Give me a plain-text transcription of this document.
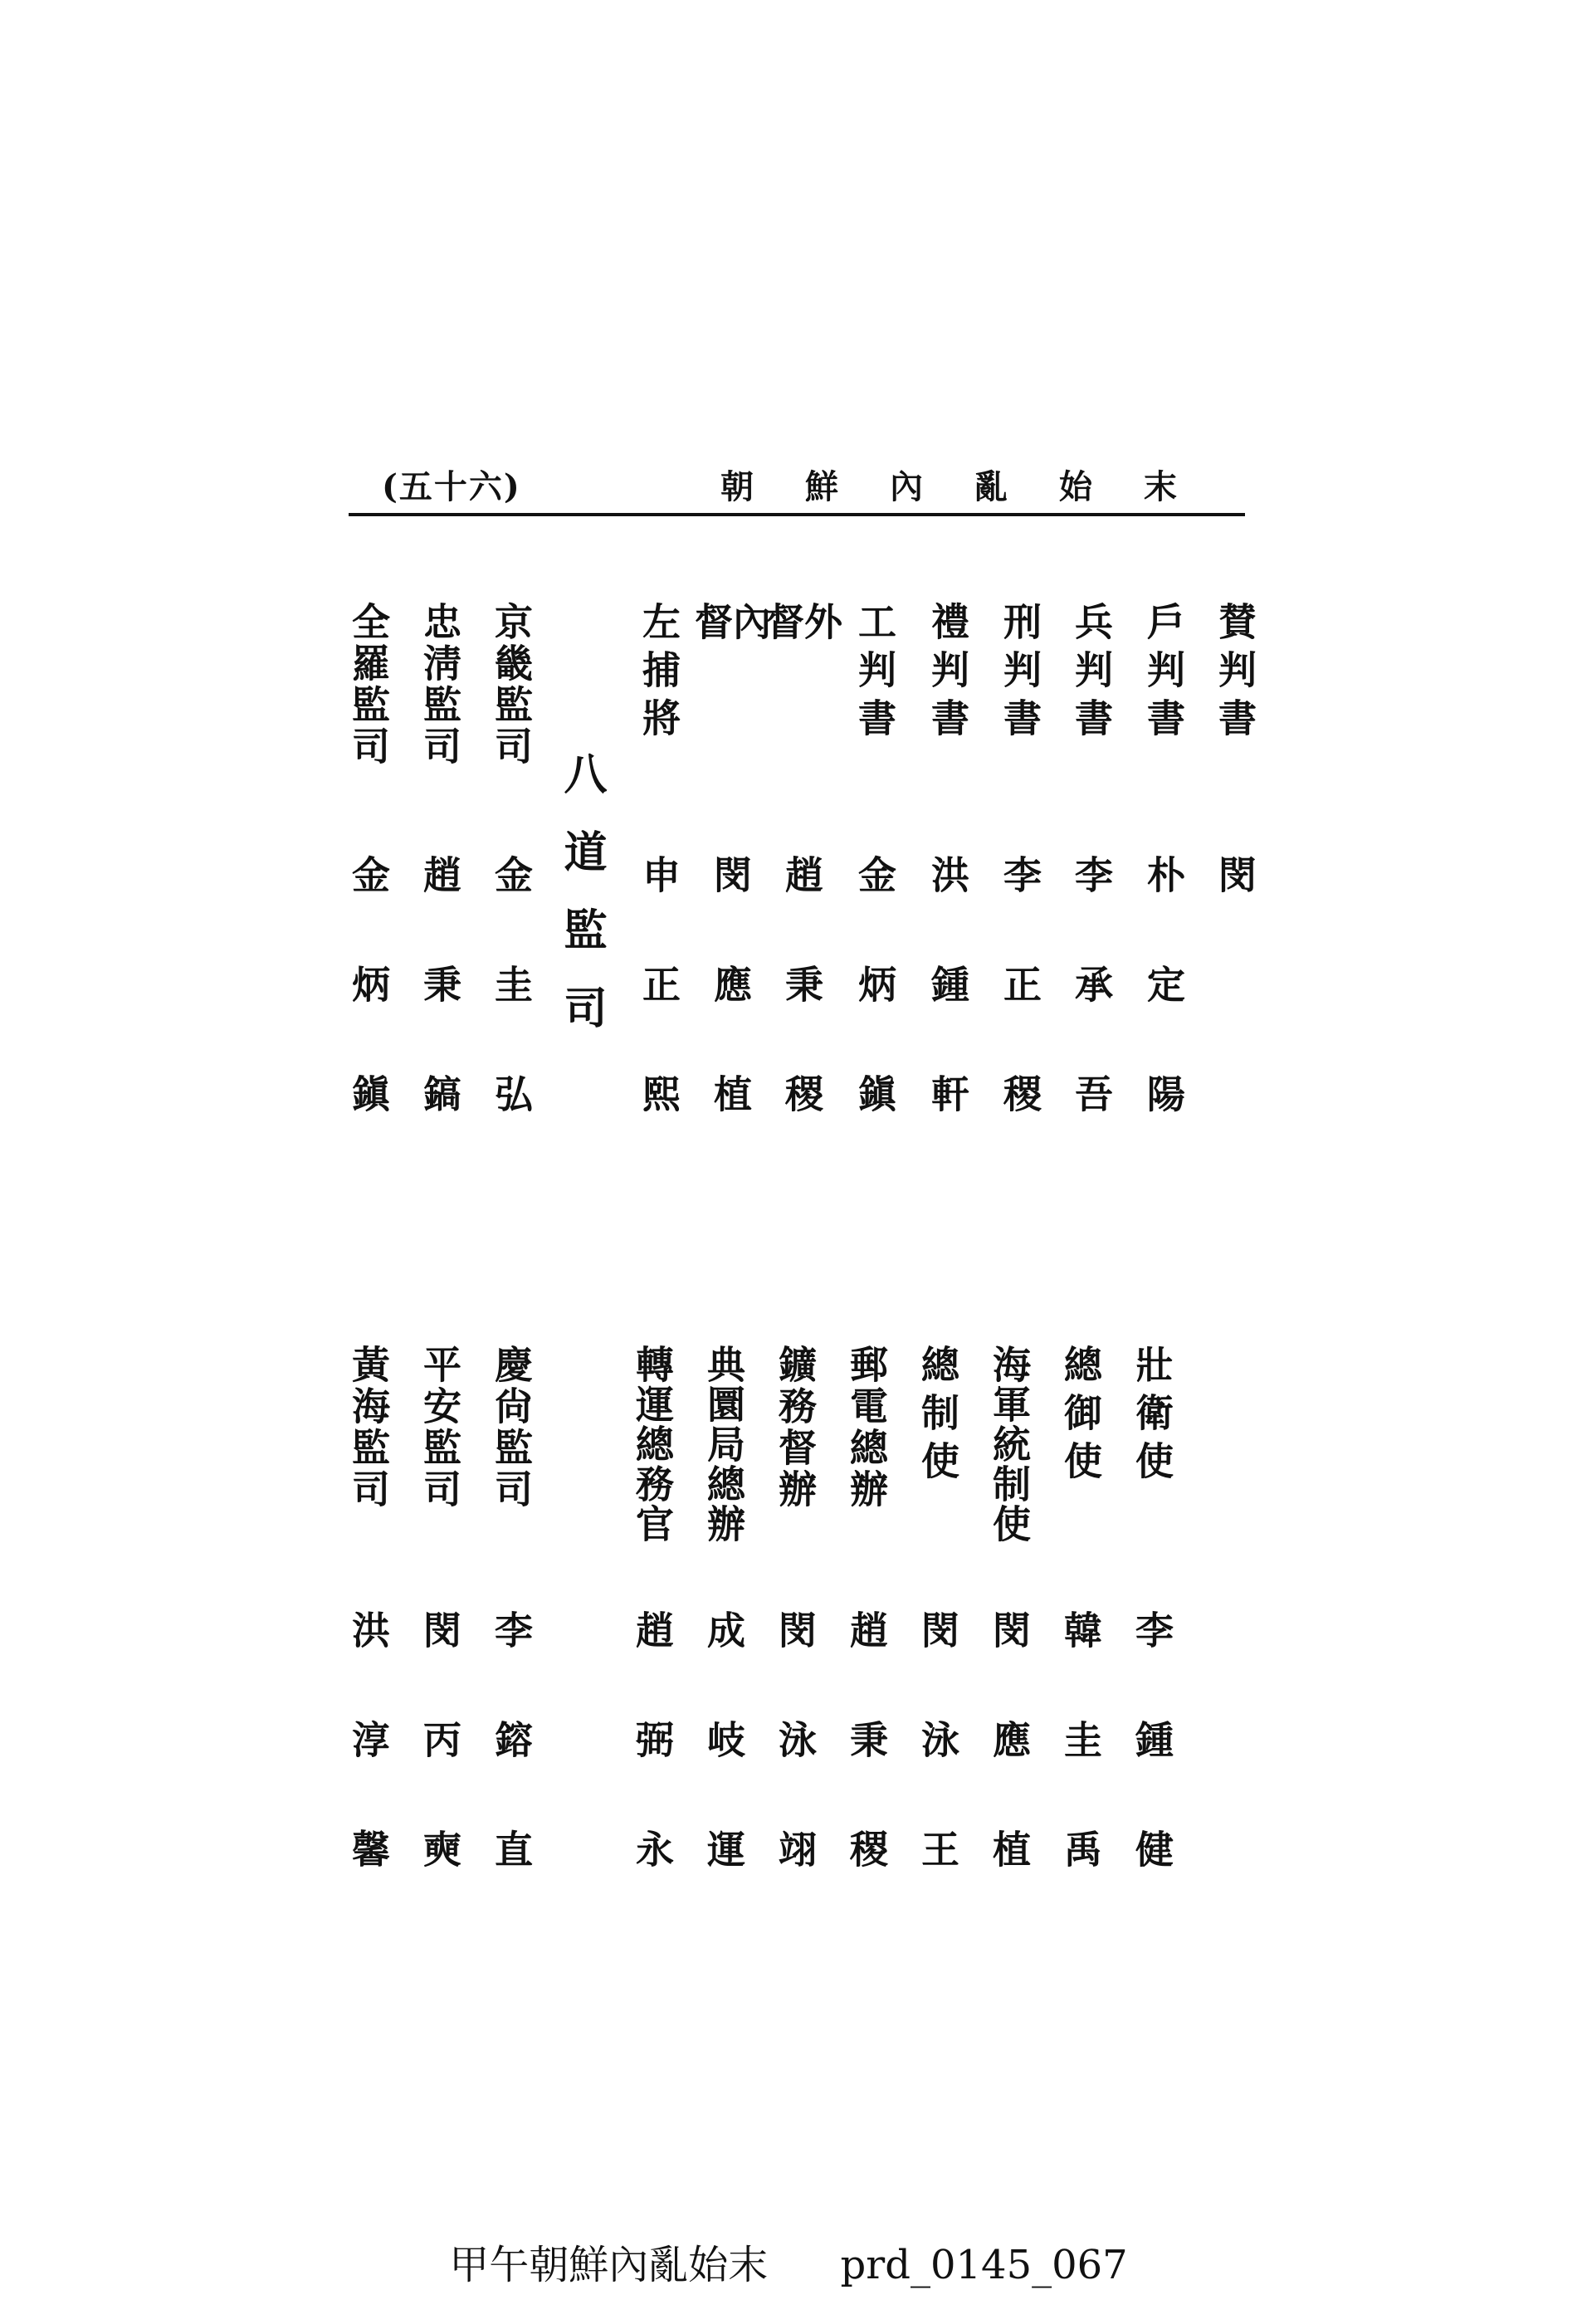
(五十六)	朝鮮內亂始末
賛判書
閔　　
戶判書
朴定陽
兵判書
李承吾
刑判書
李正稷
禮判書
洪鍾軒
工判書
金炳鎭
外督
趙秉稷
內督
閔應植
左捕將
申正熙
八道監司
京畿監司
金圭弘
忠淸監司
趙秉鎬
全羅監司
金炳鎭
壯衛使
李鍾健
總御使
韓圭禹
海軍統制使
閔應植
總制使
閔泳王
郵電總辦
趙秉稷
鑛務督辦
閔泳翊
典圜局總辦
成岐運
轉運總務官
趙弼永
慶尙監司
李鎔直
平安監司
閔丙奭
黃海監司
洪淳馨
甲午朝鮮內亂始末 prd_0145_067
